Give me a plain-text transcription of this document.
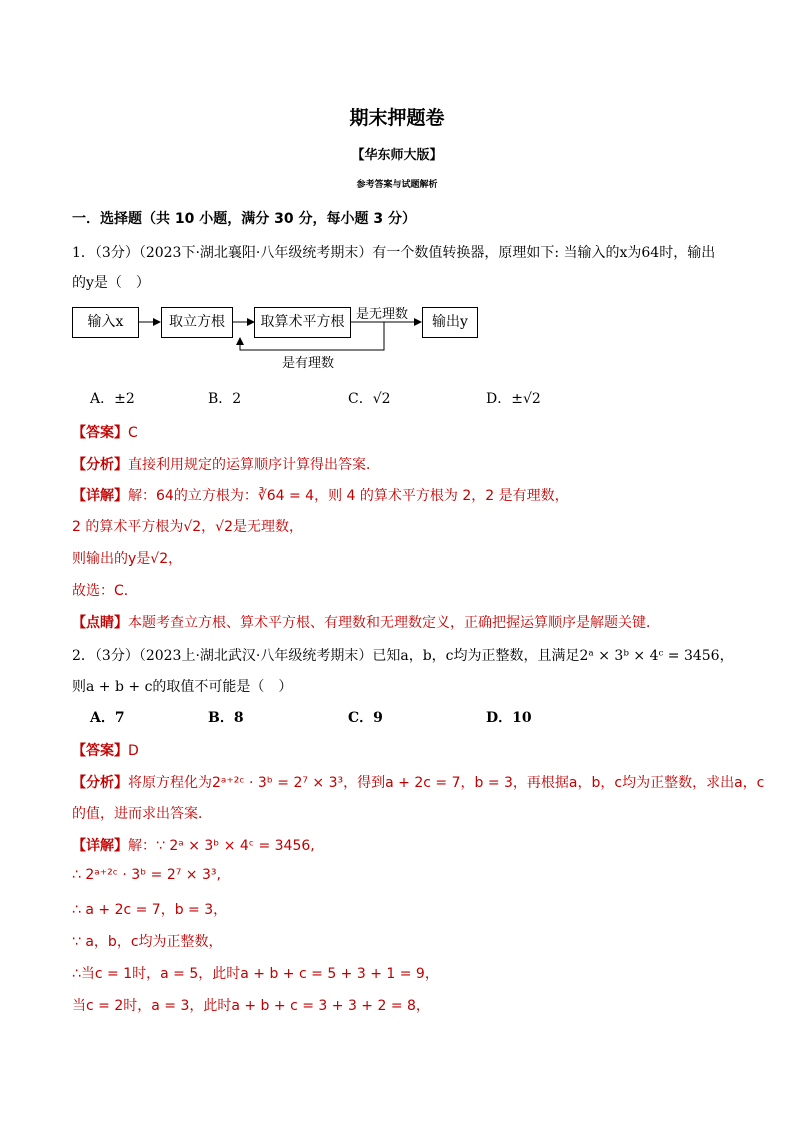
期末押题卷
【华东师大版】
参考答案与试题解析
一．选择题（共 10 小题，满分 30 分，每小题 3 分）
1．（3分）（2023下·湖北襄阳·八年级统考期末）有一个数值转换器，原理如下: 当输入的x为64时，输出
的y是（　）
输入x	取立方根	取算术平方根	输出y
是无理数
是有理数
A．±2	B．2	C．√2	D．±√2
【答案】C
【分析】直接利用规定的运算顺序计算得出答案．
【详解】解：64的立方根为：∛64 = 4，则 4 的算术平方根为 2，2 是有理数，
2 的算术平方根为√2，√2是无理数，
则输出的y是√2，
故选：C．
【点睛】本题考查立方根、算术平方根、有理数和无理数定义，正确把握运算顺序是解题关键．
2．（3分）（2023上·湖北武汉·八年级统考期末）已知a，b，c均为正整数，且满足2ᵃ × 3ᵇ × 4ᶜ = 3456，
则a + b + c的取值不可能是（　）
A．7	B．8	C．9	D．10
【答案】D
【分析】将原方程化为2ᵃ⁺²ᶜ · 3ᵇ = 2⁷ × 3³，得到a + 2c = 7，b = 3，再根据a，b，c均为正整数，求出a，c
的值，进而求出答案．
【详解】解：∵ 2ᵃ × 3ᵇ × 4ᶜ = 3456,
∴ 2ᵃ⁺²ᶜ · 3ᵇ = 2⁷ × 3³,
∴ a + 2c = 7，b = 3，
∵ a，b，c均为正整数，
∴当c = 1时，a = 5，此时a + b + c = 5 + 3 + 1 = 9，
当c = 2时，a = 3，此时a + b + c = 3 + 3 + 2 = 8，
